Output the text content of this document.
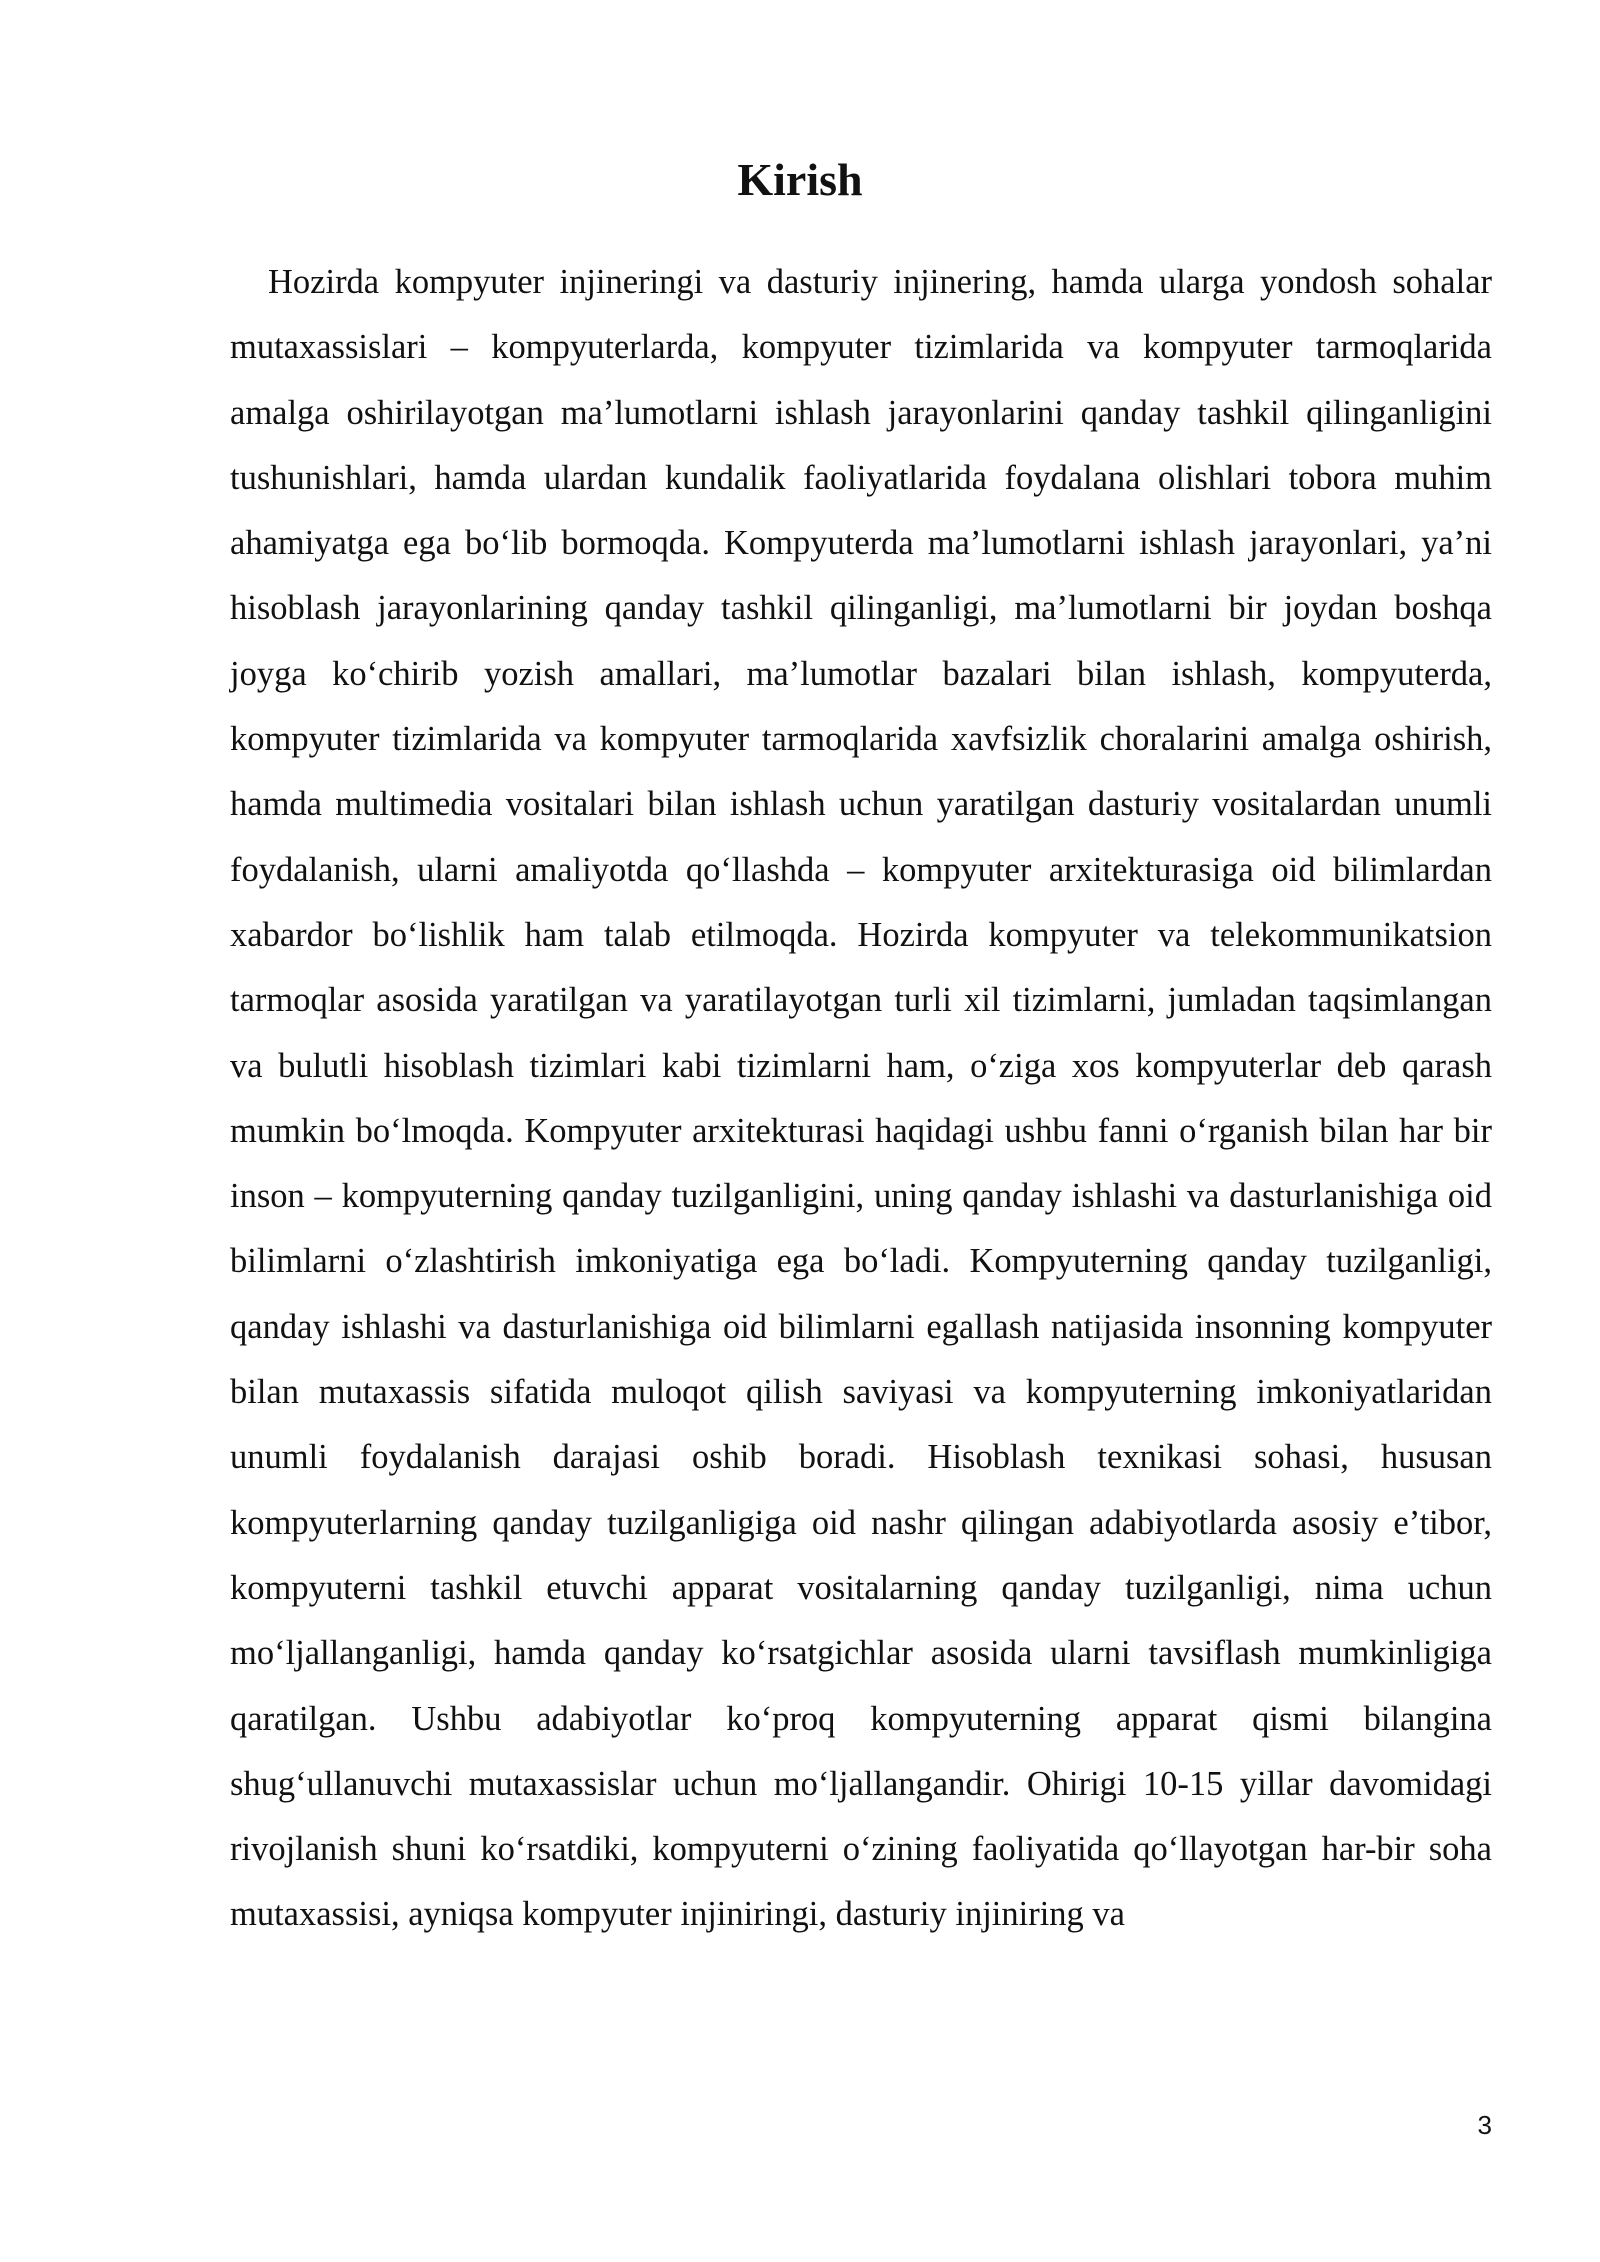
Kirish

Hozirda kompyuter injineringi va dasturiy injinering, hamda ularga yondosh sohalar mutaxassislari – kompyuterlarda, kompyuter tizimlarida va kompyuter tarmoqlarida amalga oshirilayotgan ma’lumotlarni ishlash jarayonlarini qanday tashkil qilinganligini tushunishlari, hamda ulardan kundalik faoliyatlarida foydalana olishlari tobora muhim ahamiyatga ega bo‘lib bormoqda. Kompyuterda ma’lumotlarni ishlash jarayonlari, ya’ni hisoblash jarayonlarining qanday tashkil qilinganligi, ma’lumotlarni bir joydan boshqa joyga ko‘chirib yozish amallari, ma’lumotlar bazalari bilan ishlash, kompyuterda, kompyuter tizimlarida va kompyuter tarmoqlarida xavfsizlik choralarini amalga oshirish, hamda multimedia vositalari bilan ishlash uchun yaratilgan dasturiy vositalardan unumli foydalanish, ularni amaliyotda qo‘llashda – kompyuter arxitekturasiga oid bilimlardan xabardor bo‘lishlik ham talab etilmoqda. Hozirda kompyuter va telekommunikatsion tarmoqlar asosida yaratilgan va yaratilayotgan turli xil tizimlarni, jumladan taqsimlangan va bulutli hisoblash tizimlari kabi tizimlarni ham, o‘ziga xos kompyuterlar deb qarash mumkin bo‘lmoqda. Kompyuter arxitekturasi haqidagi ushbu fanni o‘rganish bilan har bir inson – kompyuterning qanday tuzilganligini, uning qanday ishlashi va dasturlanishiga oid bilimlarni o‘zlashtirish imkoniyatiga ega bo‘ladi. Kompyuterning qanday tuzilganligi, qanday ishlashi va dasturlanishiga oid bilimlarni egallash natijasida insonning kompyuter bilan mutaxassis sifatida muloqot qilish saviyasi va kompyuterning imkoniyatlaridan unumli foydalanish darajasi oshib boradi. Hisoblash texnikasi sohasi, hususan kompyuterlarning qanday tuzilganligiga oid nashr qilingan adabiyotlarda asosiy e’tibor, kompyuterni tashkil etuvchi apparat vositalarning qanday tuzilganligi, nima uchun mo‘ljallanganligi, hamda qanday ko‘rsatgichlar asosida ularni tavsiflash mumkinligiga qaratilgan. Ushbu adabiyotlar ko‘proq kompyuterning apparat qismi bilangina shug‘ullanuvchi mutaxassislar uchun mo‘ljallangandir. Ohirigi 10-15 yillar davomidagi rivojlanish shuni ko‘rsatdiki, kompyuterni o‘zining faoliyatida qo‘llayotgan har-bir soha mutaxassisi, ayniqsa kompyuter injiniringi, dasturiy injiniring va

3
